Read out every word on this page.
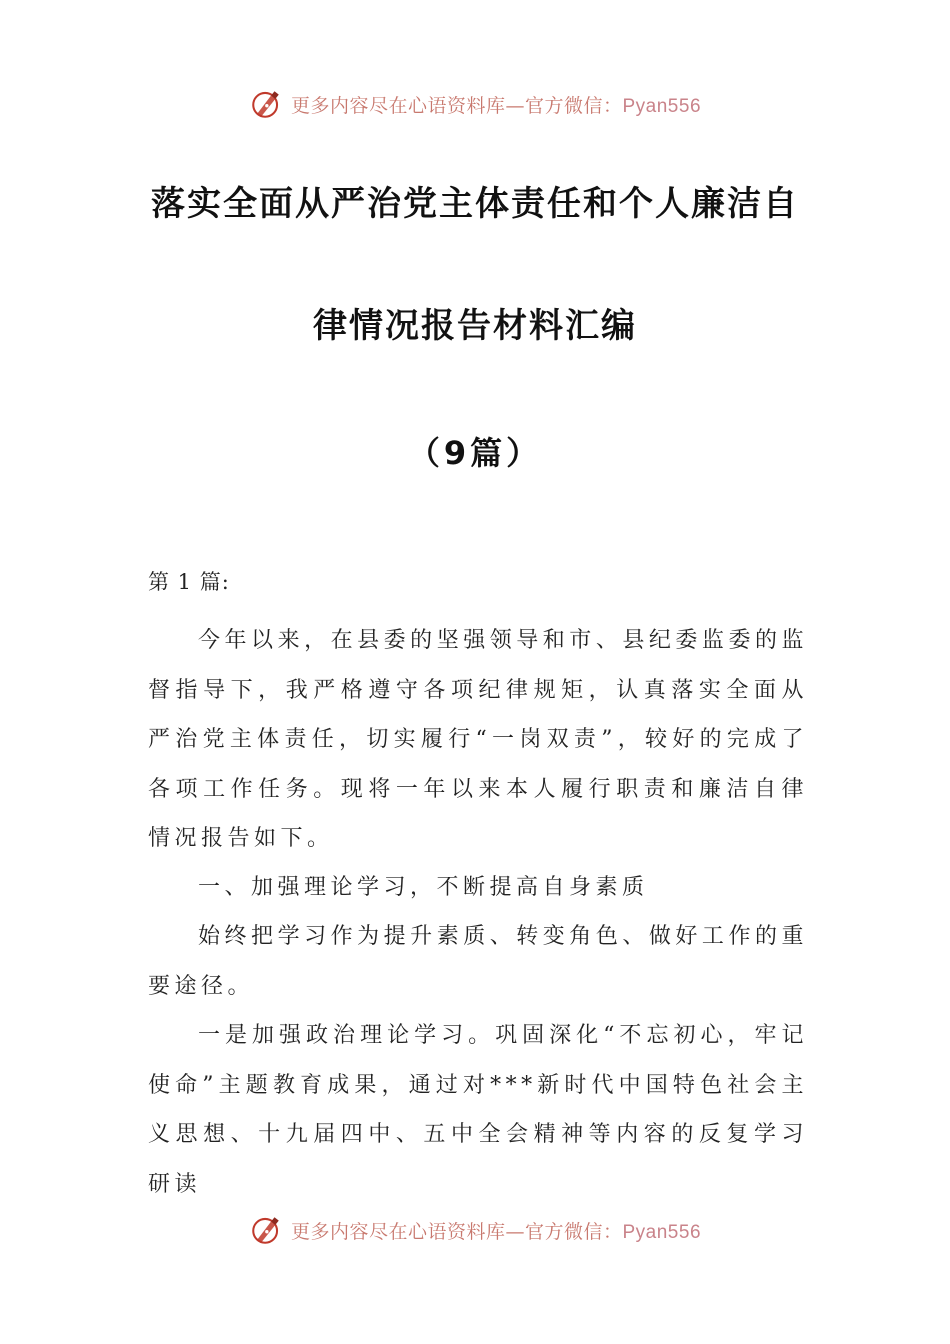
更多内容尽在心语资料库—官方微信：Pyan556
落实全面从严治党主体责任和个人廉洁自
律情况报告材料汇编
（9篇）
第 1 篇:

今年以来，在县委的坚强领导和市、县纪委监委的监督指导下，我严格遵守各项纪律规矩，认真落实全面从严治党主体责任，切实履行“一岗双责”，较好的完成了各项工作任务。现将一年以来本人履行职责和廉洁自律情况报告如下。

一、加强理论学习，不断提高自身素质

始终把学习作为提升素质、转变角色、做好工作的重要途径。

一是加强政治理论学习。巩固深化“不忘初心，牢记使命”主题教育成果，通过对***新时代中国特色社会主义思想、十九届四中、五中全会精神等内容的反复学习研读

更多内容尽在心语资料库—官方微信：Pyan556
